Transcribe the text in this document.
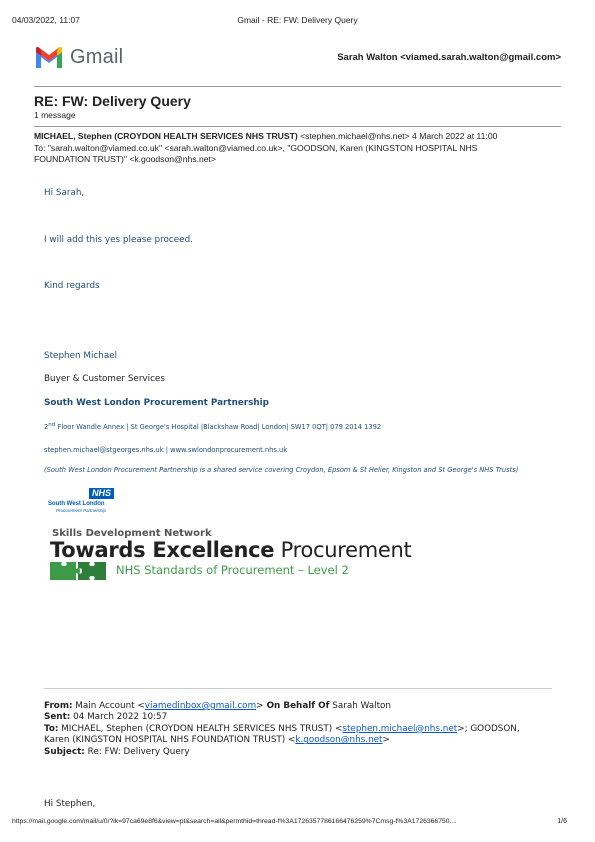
04/03/2022, 11:07	Gmail - RE: FW: Delivery Query
Gmail	Sarah Walton <viamed.sarah.walton@gmail.com>
RE: FW: Delivery Query
1 message
MICHAEL, Stephen (CROYDON HEALTH SERVICES NHS TRUST) <stephen.michael@nhs.net> 4 March 2022 at 11:00
To: "sarah.walton@viamed.co.uk" <sarah.walton@viamed.co.uk>, "GOODSON, Karen (KINGSTON HOSPITAL NHS
FOUNDATION TRUST)" <k.goodson@nhs.net>
Hi Sarah,
I will add this yes please proceed.
Kind regards
Stephen Michael
Buyer & Customer Services
South West London Procurement Partnership
2nd Floor Wandle Annex | St George's Hospital |Blackshaw Road| London| SW17 0QT| 079 2014 1392
stephen.michael@stgeorges.nhs.uk | www.swlondonprocurement.nhs.uk
(South West London Procurement Partnership is a shared service covering Croydon, Epsom & St Helier, Kingston and St George's NHS Trusts)
NHS
South West London
Procurement Partnership
Skills Development Network
Towards Excellence Procurement
NHS Standards of Procurement – Level 2
From: Main Account <viamedinbox@gmail.com> On Behalf Of Sarah Walton
Sent: 04 March 2022 10:57
To: MICHAEL, Stephen (CROYDON HEALTH SERVICES NHS TRUST) <stephen.michael@nhs.net>; GOODSON,
Karen (KINGSTON HOSPITAL NHS FOUNDATION TRUST) <k.goodson@nhs.net>
Subject: Re: FW: Delivery Query
Hi Stephen,
https://mail.google.com/mail/u/0/?ik=97ca69e8f6&view=pt&search=all&permthid=thread-f%3A1726357786166476259%7Cmsg-f%3A1726366750…	1/6
